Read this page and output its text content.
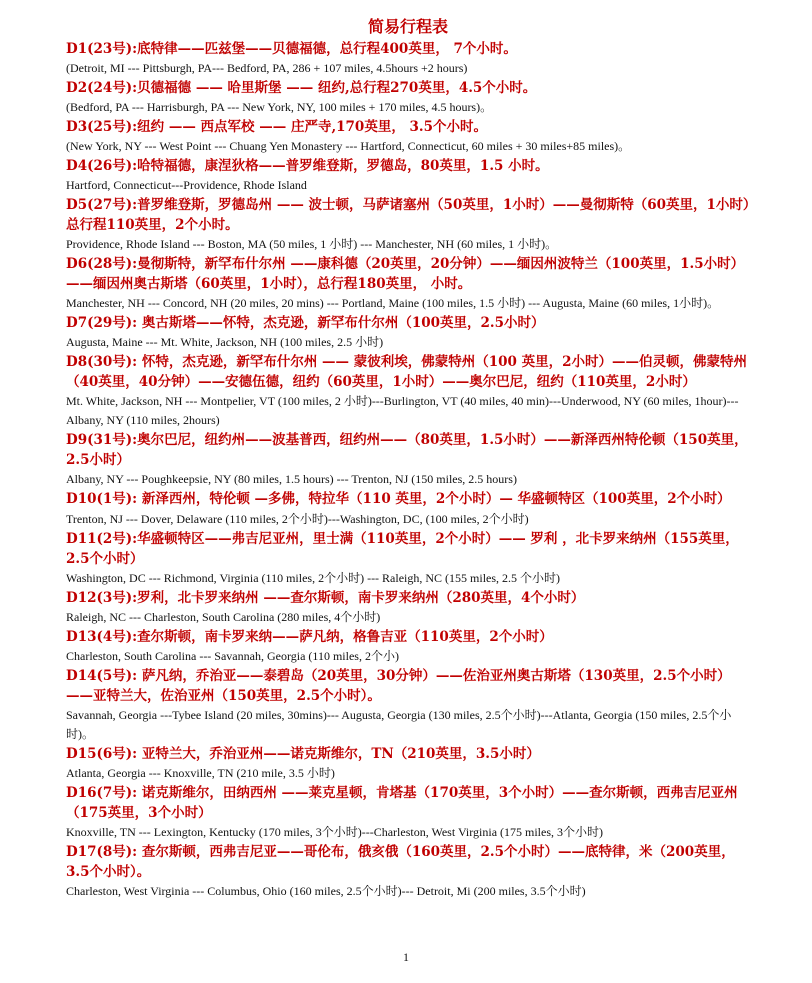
简易行程表
D1(23号):底特律——匹兹堡——贝德福德，总行程400英里， 7个小时。
(Detroit, MI --- Pittsburgh, PA--- Bedford, PA, 286 + 107 miles, 4.5hours +2 hours)
D2(24号):贝德福德 —— 哈里斯堡 —— 纽约,总行程270英里，4.5个小时。
(Bedford, PA --- Harrisburgh, PA --- New York, NY, 100 miles + 170 miles, 4.5 hours)。
D3(25号):纽约 —— 西点军校 —— 庄严寺,170英里， 3.5个小时。
(New York, NY --- West Point --- Chuang Yen Monastery --- Hartford, Connecticut, 60 miles + 30 miles+85 miles)。
D4(26号):哈特福德，康涅狄格——普罗维登斯，罗德岛，80英里，1.5 小时。
Hartford, Connecticut---Providence, Rhode Island
D5(27号):普罗维登斯，罗德岛州 —— 波士顿，马萨诸塞州（50英里，1小时）——曼彻斯特（60英里，1小时）总行程110英里，2个小时。
Providence, Rhode Island --- Boston, MA (50 miles, 1 小时) --- Manchester, NH (60 miles, 1 小时)。
D6(28号):曼彻斯特，新罕布什尔州 ——康科德（20英里，20分钟）——缅因州波特兰（100英里，1.5小时）——缅因州奥古斯塔（60英里，1小时），总行程180英里， 小时。
Manchester, NH --- Concord, NH (20 miles, 20 mins) --- Portland, Maine (100 miles, 1.5 小时) --- Augusta, Maine (60 miles, 1小时)。
D7(29号): 奥古斯塔——怀特，杰克逊，新罕布什尔州（100英里，2.5小时）
Augusta, Maine --- Mt. White, Jackson, NH (100 miles, 2.5 小时)
D8(30号): 怀特，杰克逊，新罕布什尔州 —— 蒙彼利埃，佛蒙特州（100 英里，2小时）——伯灵顿，佛蒙特州（40英里，40分钟）——安德伍德，纽约（60英里，1小时）——奥尔巴尼，纽约（110英里，2小时）
Mt. White, Jackson, NH --- Montpelier, VT (100 miles, 2 小时)---Burlington, VT (40 miles, 40 min)---Underwood, NY (60 miles, 1hour)---Albany, NY (110 miles, 2hours)
D9(31号):奥尔巴尼，纽约州——波基普西，纽约州——（80英里，1.5小时）——新泽西州特伦顿（150英里，2.5小时）
Albany, NY --- Poughkeepsie, NY (80 miles, 1.5 hours) --- Trenton, NJ (150 miles, 2.5 hours)
D10(1号): 新泽西州，特伦顿 —多佛，特拉华（110 英里，2个小时）— 华盛顿特区（100英里，2个小时） Trenton, NJ --- Dover, Delaware (110 miles, 2个小时)---Washington, DC, (100 miles, 2个小时)
D11(2号):华盛顿特区——弗吉尼亚州，里士满（110英里，2个小时）—— 罗利 ，北卡罗来纳州（155英里，2.5个小时）
Washington, DC --- Richmond, Virginia (110 miles, 2个小时) --- Raleigh, NC (155 miles, 2.5 个小时)
D12(3号):罗利，北卡罗来纳州 ——查尔斯顿，南卡罗来纳州（280英里，4个小时）
Raleigh, NC --- Charleston, South Carolina (280 miles, 4个小时)
D13(4号):查尔斯顿，南卡罗来纳——萨凡纳，格鲁吉亚（110英里，2个小时）
Charleston, South Carolina --- Savannah, Georgia (110 miles, 2个小)
D14(5号): 萨凡纳，乔治亚——泰碧岛（20英里，30分钟）——佐治亚州奥古斯塔（130英里，2.5个小时）——亚特兰大，佐治亚州（150英里，2.5个小时）。
Savannah, Georgia ---Tybee Island (20 miles, 30mins)--- Augusta, Georgia (130 miles, 2.5个小时)---Atlanta, Georgia (150 miles, 2.5个小时)。
D15(6号): 亚特兰大，乔治亚州——诺克斯维尔，TN（210英里，3.5小时）
Atlanta, Georgia --- Knoxville, TN (210 mile, 3.5 小时)
D16(7号): 诺克斯维尔，田纳西州 ——莱克星顿，肯塔基（170英里，3个小时）——查尔斯顿，西弗吉尼亚州（175英里，3个小时）
Knoxville, TN --- Lexington, Kentucky (170 miles, 3个小时)---Charleston, West Virginia (175 miles, 3个小时)
D17(8号): 查尔斯顿，西弗吉尼亚——哥伦布，俄亥俄（160英里，2.5个小时）——底特律，米（200英里，3.5个小时）。
Charleston, West Virginia --- Columbus, Ohio (160 miles, 2.5个小时)--- Detroit, Mi (200 miles, 3.5个小时)
1
